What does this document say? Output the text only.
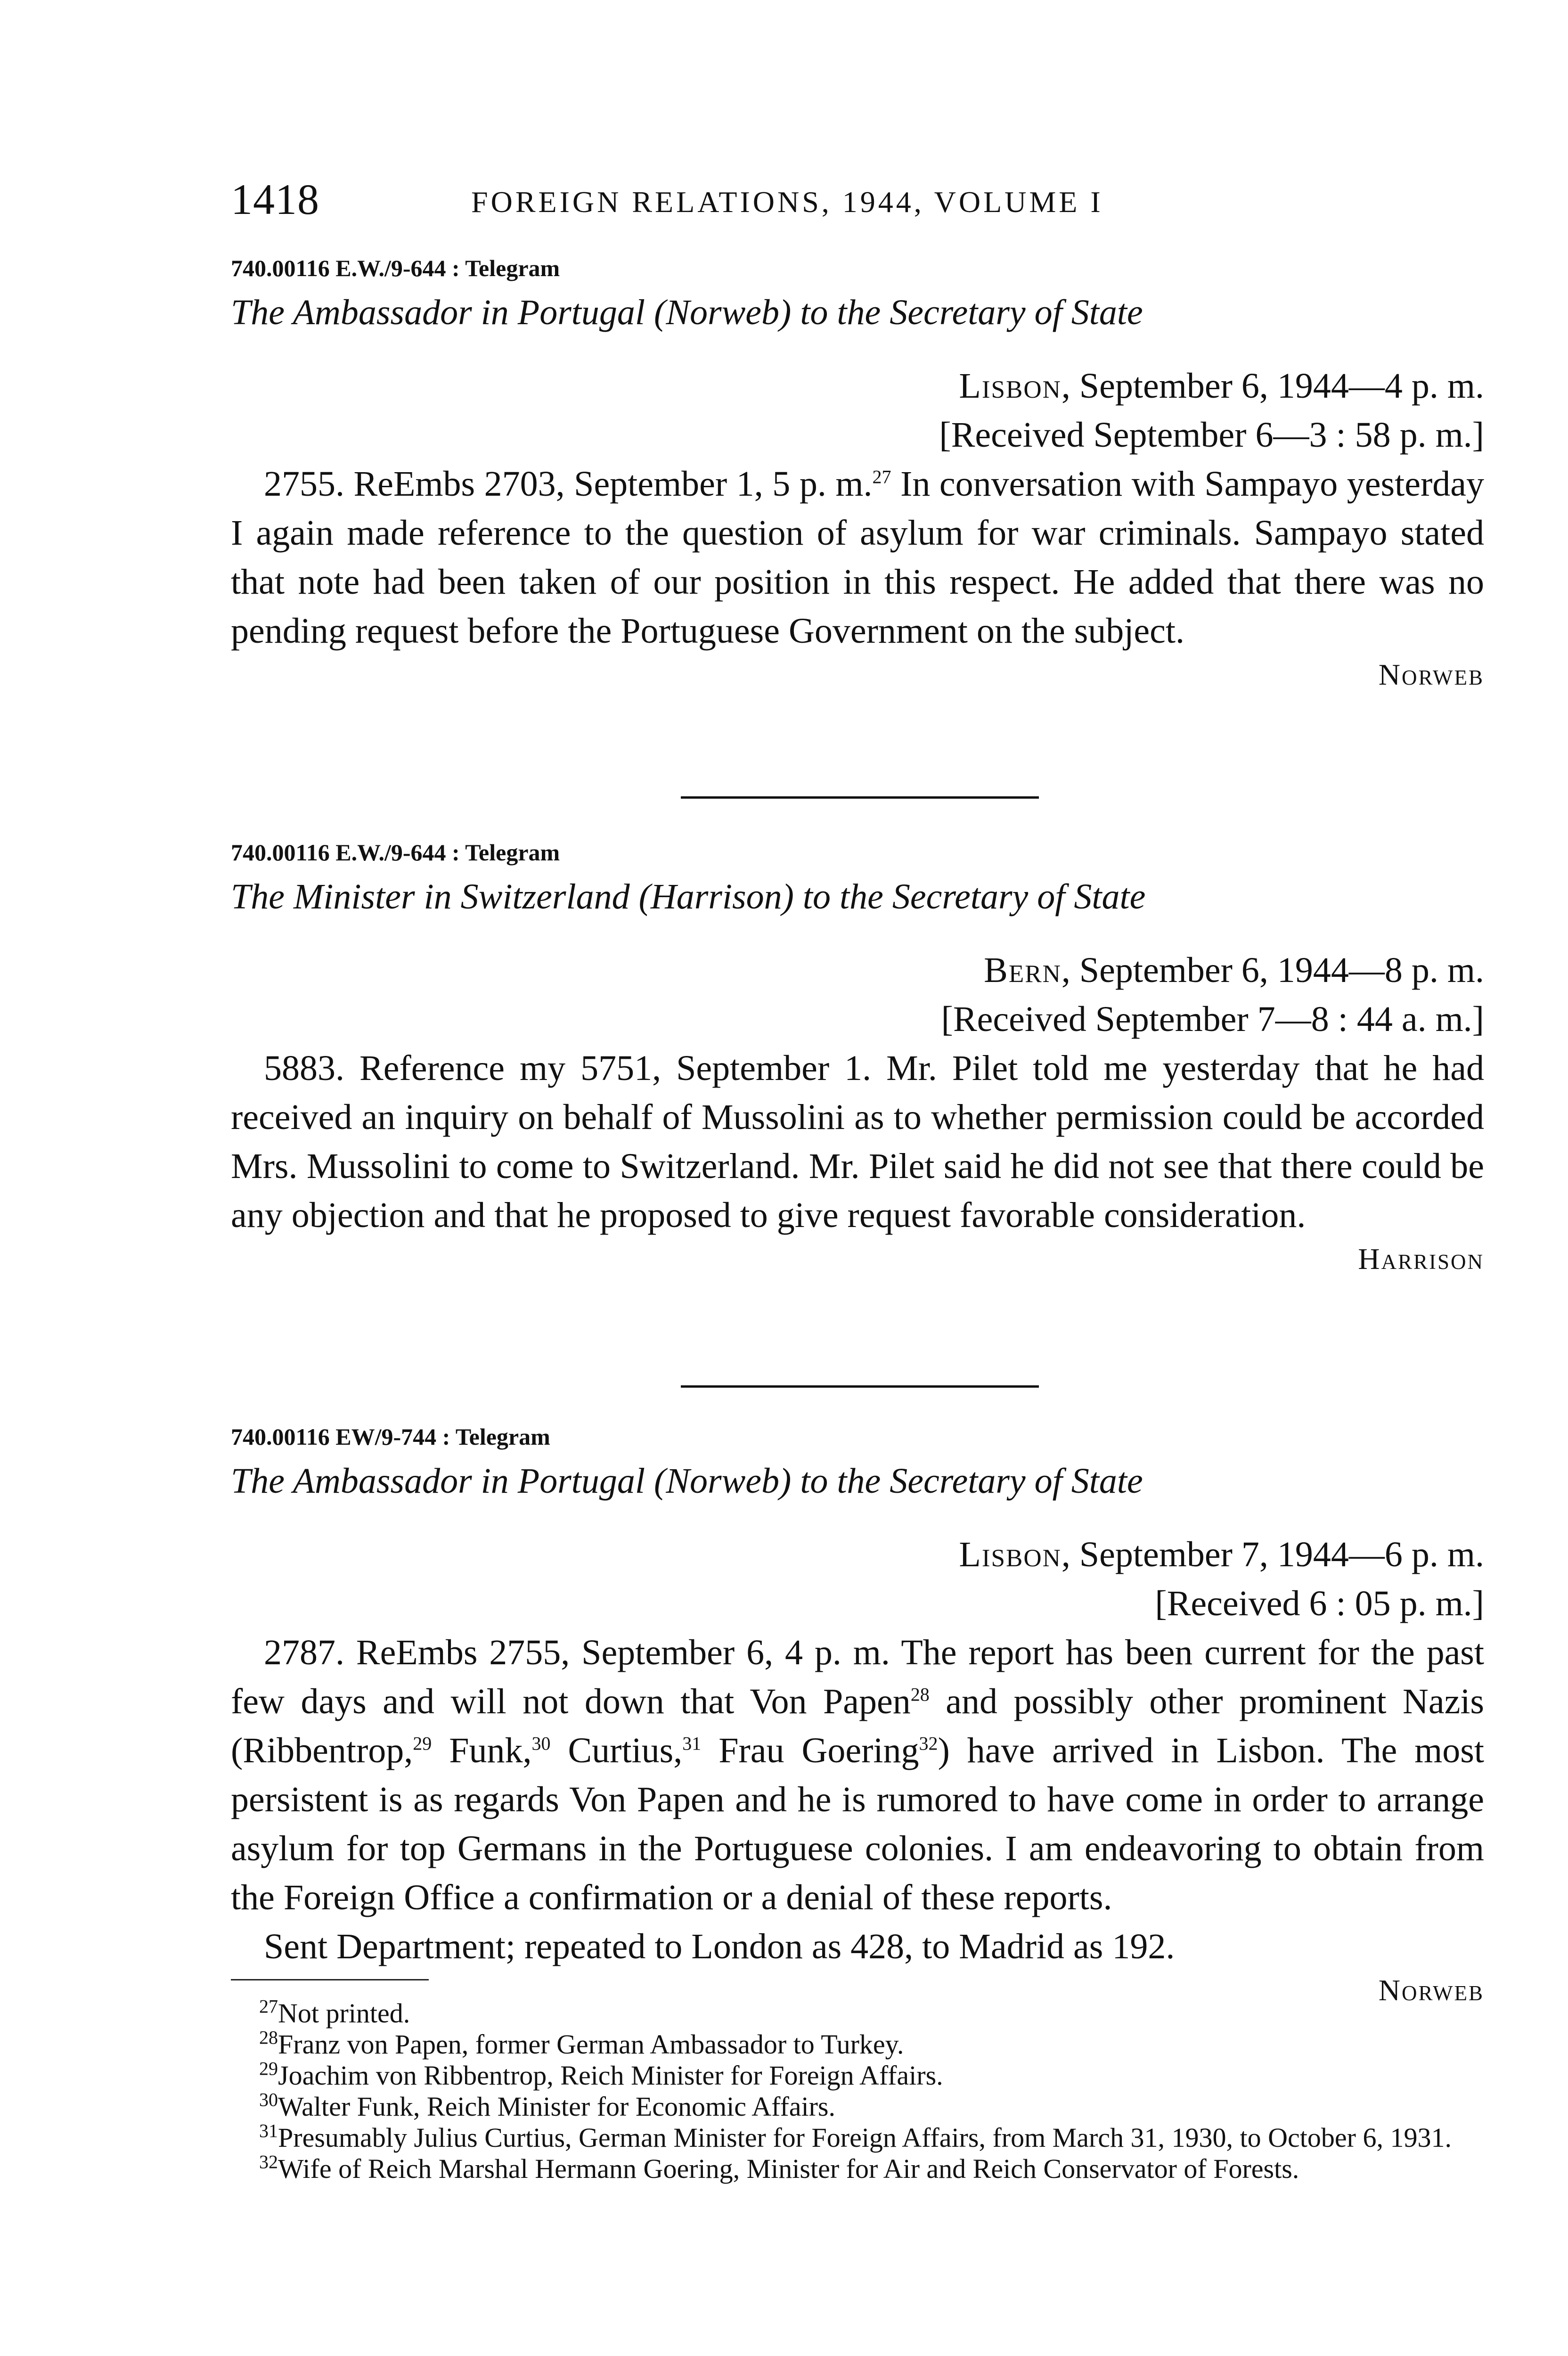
1418	FOREIGN RELATIONS, 1944, VOLUME I

740.00116 E.W./9-644 : Telegram

The Ambassador in Portugal (Norweb) to the Secretary of State

Lisbon, September 6, 1944—4 p. m.

[Received September 6—3 : 58 p. m.]

2755. ReEmbs 2703, September 1, 5 p. m.$^{27}$ In conversation with Sampayo yesterday I again made reference to the question of asylum for war criminals. Sampayo stated that note had been taken of our position in this respect. He added that there was no pending request before the Portuguese Government on the subject.

Norweb

740.00116 E.W./9-644 : Telegram

The Minister in Switzerland (Harrison) to the Secretary of State

Bern, September 6, 1944—8 p. m.

[Received September 7—8 : 44 a. m.]

5883. Reference my 5751, September 1. Mr. Pilet told me yesterday that he had received an inquiry on behalf of Mussolini as to whether permission could be accorded Mrs. Mussolini to come to Switzerland. Mr. Pilet said he did not see that there could be any objection and that he proposed to give request favorable consideration.

Harrison

740.00116 EW/9-744 : Telegram

The Ambassador in Portugal (Norweb) to the Secretary of State

Lisbon, September 7, 1944—6 p. m.

[Received 6 : 05 p. m.]

2787. ReEmbs 2755, September 6, 4 p. m. The report has been current for the past few days and will not down that Von Papen$^{28}$ and possibly other prominent Nazis (Ribbentrop,$^{29}$ Funk,$^{30}$ Curtius,$^{31}$ Frau Goering$^{32}$) have arrived in Lisbon. The most persistent is as regards Von Papen and he is rumored to have come in order to arrange asylum for top Germans in the Portuguese colonies. I am endeavoring to obtain from the Foreign Office a confirmation or a denial of these reports.

Sent Department; repeated to London as 428, to Madrid as 192.

Norweb

$^{27}$Not printed.

$^{28}$Franz von Papen, former German Ambassador to Turkey.

$^{29}$Joachim von Ribbentrop, Reich Minister for Foreign Affairs.

$^{30}$Walter Funk, Reich Minister for Economic Affairs.

$^{31}$Presumably Julius Curtius, German Minister for Foreign Affairs, from March 31, 1930, to October 6, 1931.

$^{32}$Wife of Reich Marshal Hermann Goering, Minister for Air and Reich Conservator of Forests.
